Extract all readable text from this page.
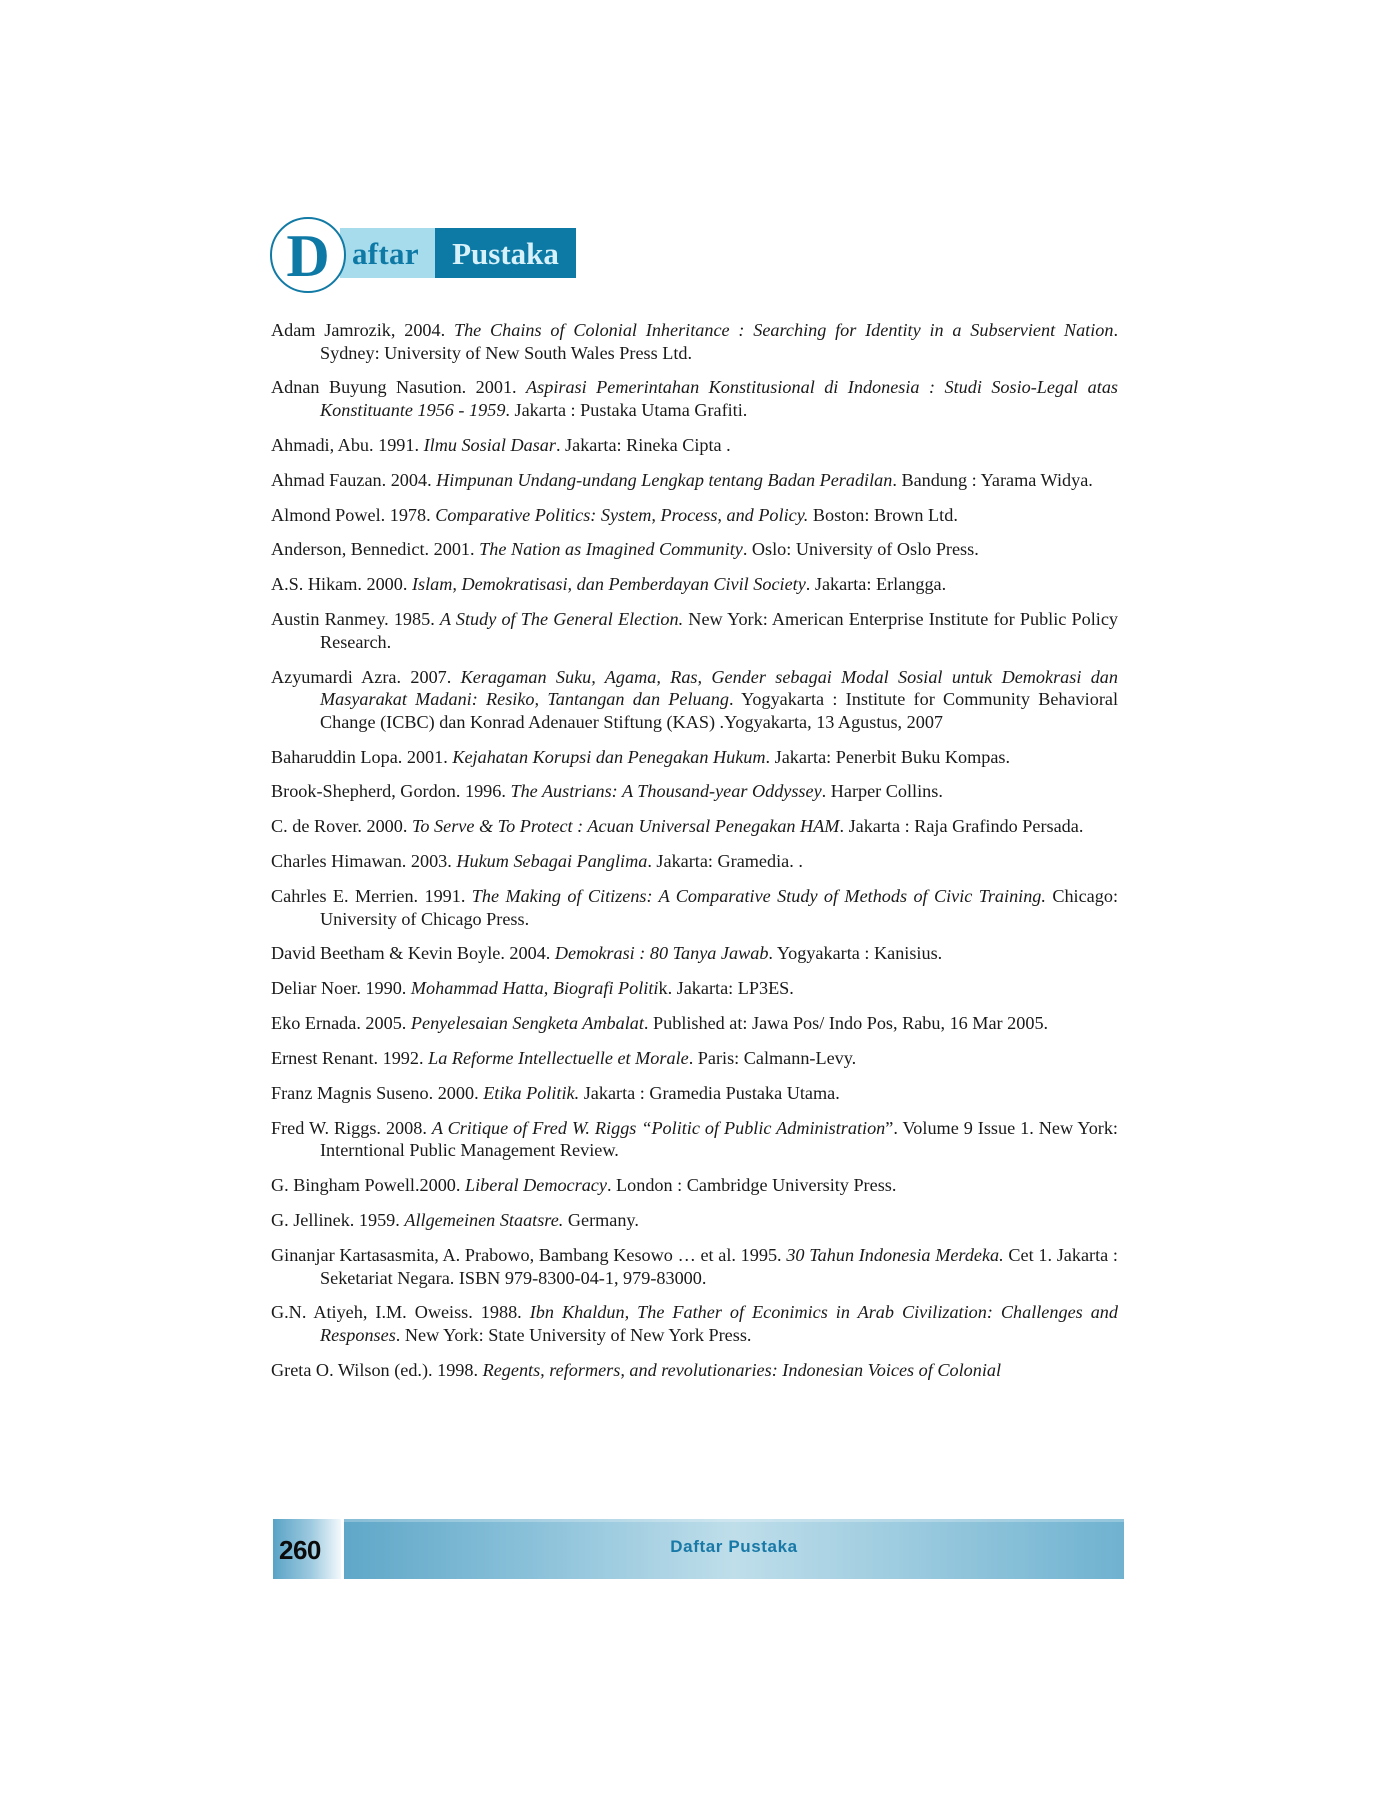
D aftar	Pustaka
Adam Jamrozik, 2004. The Chains of Colonial Inheritance : Searching for Identity in a Subservient Nation. Sydney: University of New South Wales Press Ltd.
Adnan Buyung Nasution. 2001. Aspirasi Pemerintahan Konstitusional di Indonesia : Studi Sosio-Legal atas Konstituante 1956 - 1959. Jakarta : Pustaka Utama Grafiti.
Ahmadi, Abu. 1991. Ilmu Sosial Dasar. Jakarta: Rineka Cipta .
Ahmad Fauzan. 2004. Himpunan Undang-undang Lengkap tentang Badan Peradilan. Bandung : Yarama Widya.
Almond Powel. 1978. Comparative Politics: System, Process, and Policy. Boston: Brown Ltd.
Anderson, Bennedict. 2001. The Nation as Imagined Community. Oslo: University of Oslo Press.
A.S. Hikam. 2000. Islam, Demokratisasi, dan Pemberdayan Civil Society. Jakarta: Erlangga.
Austin Ranmey. 1985. A Study of The General Election. New York: American Enterprise Institute for Public Policy Research.
Azyumardi Azra. 2007. Keragaman Suku, Agama, Ras, Gender sebagai Modal Sosial untuk Demokrasi dan Masyarakat Madani: Resiko, Tantangan dan Peluang. Yogyakarta : Institute for Community Behavioral Change (ICBC) dan Konrad Adenauer Stiftung (KAS) .Yogyakarta, 13 Agustus, 2007
Baharuddin Lopa. 2001. Kejahatan Korupsi dan Penegakan Hukum. Jakarta: Penerbit Buku Kompas.
Brook-Shepherd, Gordon. 1996. The Austrians: A Thousand-year Oddyssey. Harper Collins.
C. de Rover. 2000. To Serve & To Protect : Acuan Universal Penegakan HAM. Jakarta : Raja Grafindo Persada.
Charles Himawan. 2003. Hukum Sebagai Panglima. Jakarta: Gramedia. .
Cahrles E. Merrien. 1991. The Making of Citizens: A Comparative Study of Methods of Civic Training. Chicago: University of Chicago Press.
David Beetham & Kevin Boyle. 2004. Demokrasi : 80 Tanya Jawab. Yogyakarta : Kanisius.
Deliar Noer. 1990. Mohammad Hatta, Biografi Politik. Jakarta: LP3ES.
Eko Ernada. 2005. Penyelesaian Sengketa Ambalat. Published at: Jawa Pos/ Indo Pos, Rabu, 16 Mar 2005.
Ernest Renant. 1992. La Reforme Intellectuelle et Morale. Paris: Calmann-Levy.
Franz Magnis Suseno. 2000. Etika Politik. Jakarta : Gramedia Pustaka Utama.
Fred W. Riggs. 2008. A Critique of Fred W. Riggs “Politic of Public Administration”. Volume 9 Issue 1. New York: Interntional Public Management Review.
G. Bingham Powell.2000. Liberal Democracy. London : Cambridge University Press.
G. Jellinek. 1959. Allgemeinen Staatsre. Germany.
Ginanjar Kartasasmita, A. Prabowo, Bambang Kesowo … et al. 1995. 30 Tahun Indonesia Merdeka. Cet 1. Jakarta : Seketariat Negara. ISBN 979-8300-04-1, 979-83000.
G.N. Atiyeh, I.M. Oweiss. 1988. Ibn Khaldun, The Father of Econimics in Arab Civilization: Challenges and Responses. New York: State University of New York Press.
Greta O. Wilson (ed.). 1998. Regents, reformers, and revolutionaries: Indonesian Voices of Colonial
260	Daftar Pustaka
